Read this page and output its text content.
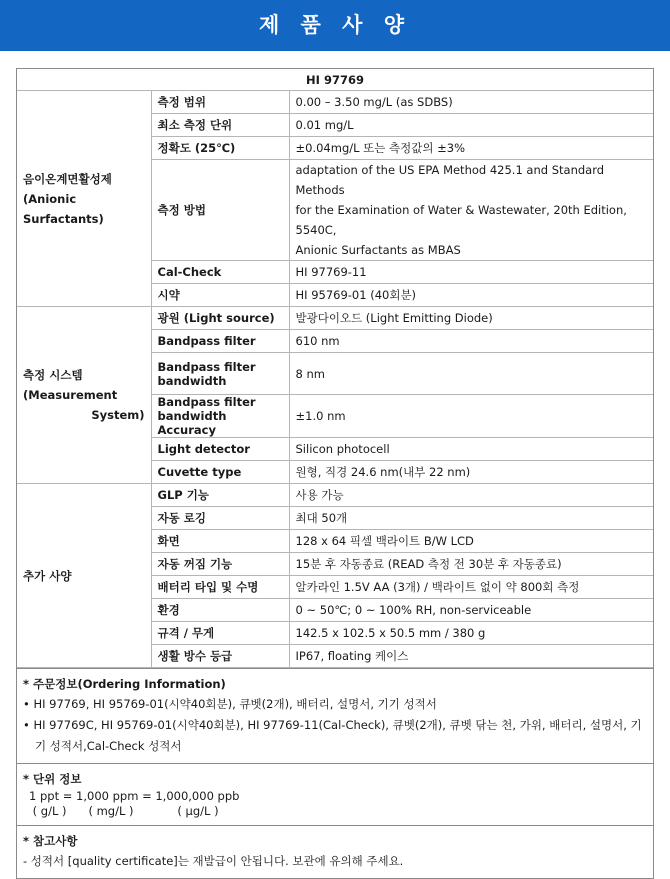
제 품 사 양
HI 97769		

음이온계면활성제
(Anionic Surfactants)	측정 범위	0.00 – 3.50 mg/L (as SDBS)

	최소 측정 단위	0.01 mg/L

	정확도 (25℃)	±0.04mg/L 또는 측정값의 ±3%

	측정 방법	adaptation of the US EPA Method 425.1 and Standard Methods
for the Examination of Water & Wastewater, 20th Edition, 5540C,
Anionic Surfactants as MBAS

	Cal-Check	HI 97769-11

	시약	HI 95769-01 (40회분)

측정 시스템
(Measurement
System)	광원 (Light source)	발광다이오드 (Light Emitting Diode)

	Bandpass filter	610 nm

	Bandpass filter
bandwidth	8 nm

	Bandpass filter
bandwidth Accuracy	±1.0 nm

	Light detector	Silicon photocell

	Cuvette type	원형, 직경 24.6 nm(내부 22 nm)

추가 사양	GLP 기능	사용 가능

	자동 로깅	최대 50개

	화면	128 x 64 픽셀 백라이트 B/W LCD

	자동 꺼짐 기능	15분 후 자동종료 (READ 측정 전 30분 후 자동종료)

	배터리 타입 및 수명	알카라인 1.5V AA (3개) / 백라이트 없이 약 800회 측정

	환경	0 ~ 50℃; 0 ~ 100% RH, non-serviceable

	규격 / 무게	142.5 x 102.5 x 50.5 mm / 380 g

	생활 방수 등급	IP67, floating 케이스
* 주문정보(Ordering Information)
• HI 97769, HI 95769-01(시약40회분), 큐벳(2개), 배터리, 설명서, 기기 성적서
• HI 97769C, HI 95769-01(시약40회분), HI 97769-11(Cal-Check), 큐벳(2개), 큐벳 닦는 천, 가위, 배터리, 설명서, 기기 성적서,Cal-Check 성적서
* 단위 정보
1 ppt = 1,000 ppm = 1,000,000 ppb
( g/L )      ( mg/L )            ( μg/L )
* 참고사항
- 성적서 [quality certificate]는 재발급이 안됩니다. 보관에 유의해 주세요.
